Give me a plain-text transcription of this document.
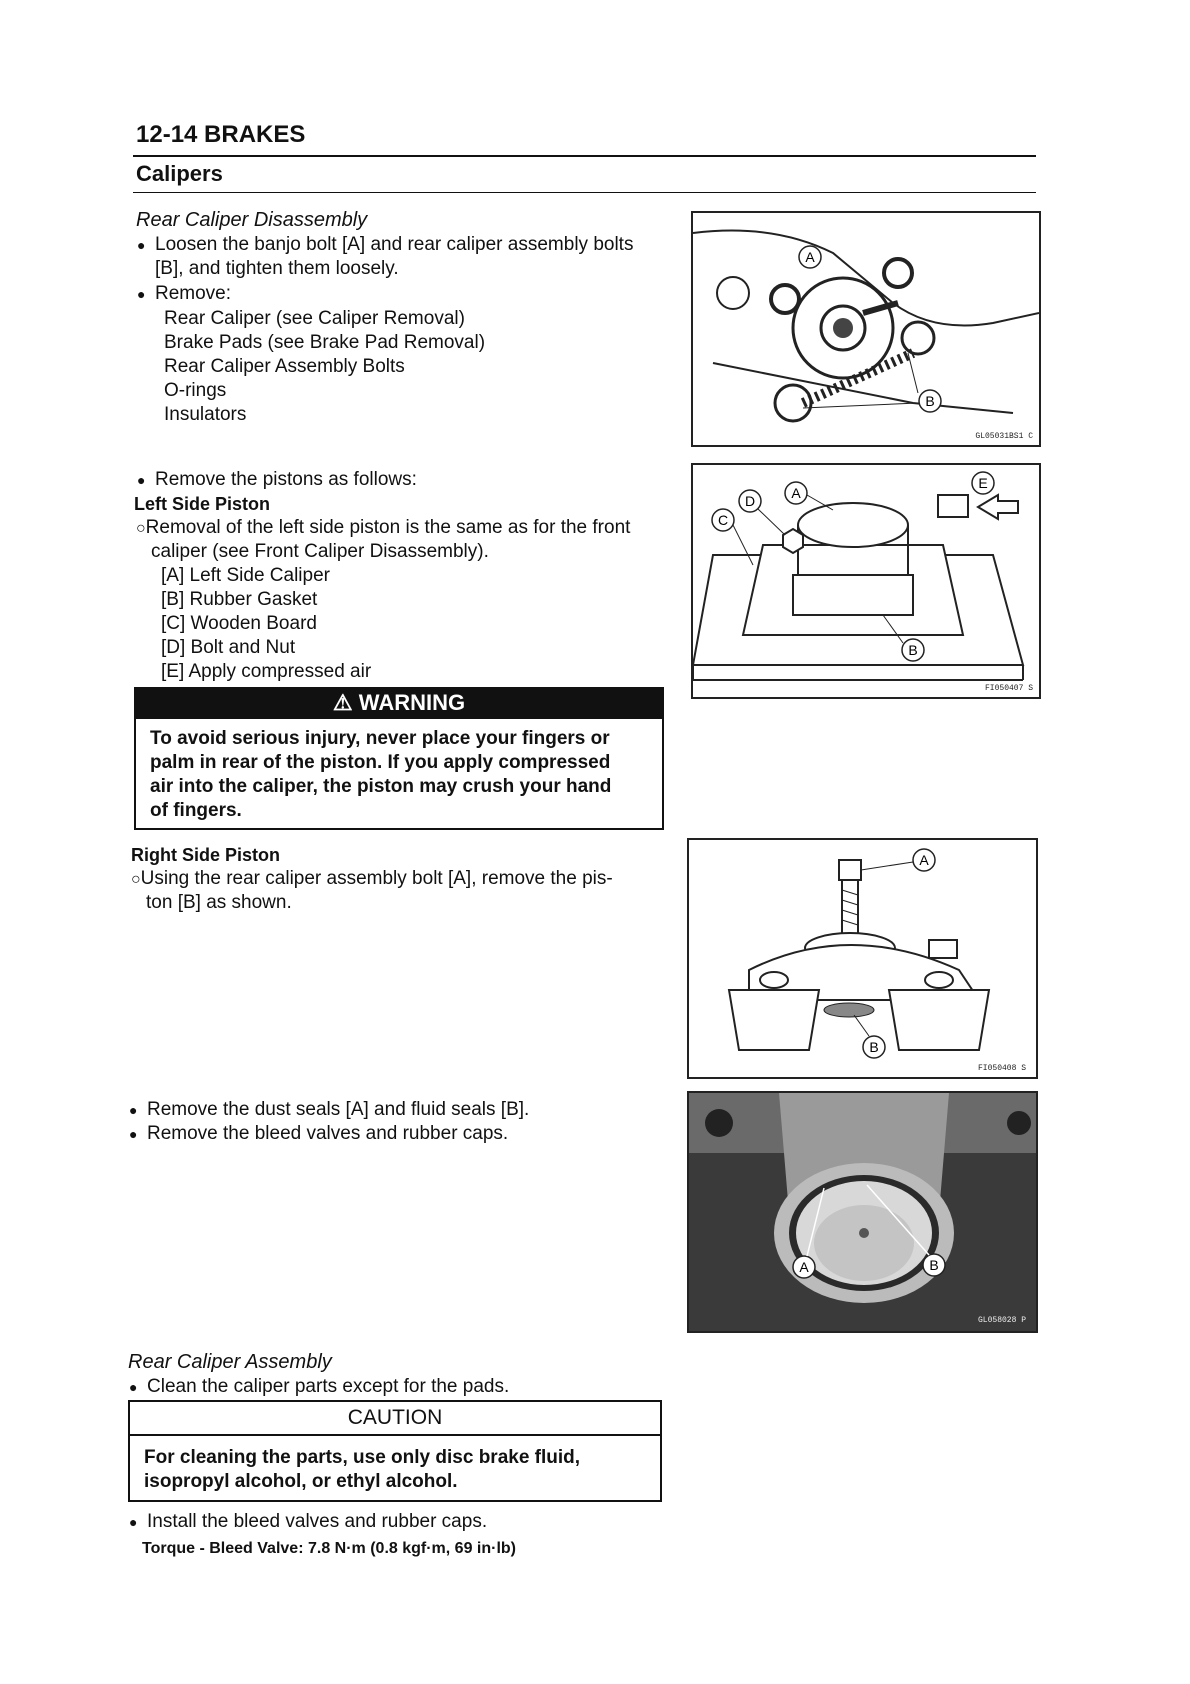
12-14 BRAKES
Calipers
Rear Caliper Disassembly
● Loosen the banjo bolt [A] and rear caliper assembly bolts
[B], and tighten them loosely.
● Remove:
Rear Caliper (see Caliper Removal)
Brake Pads (see Brake Pad Removal)
Rear Caliper Assembly Bolts
O-rings
Insulators
A
B
GL05031BS1 C
● Remove the pistons as follows:
Left Side Piston
○Removal of the left side piston is the same as for the front
caliper (see Front Caliper Disassembly).
[A] Left Side Caliper
[B] Rubber Gasket
[C] Wooden Board
[D] Bolt and Nut
[E] Apply compressed air
D	A
C
E
B
FI050407 S
⚠ WARNING
To avoid serious injury, never place your fingers or
palm in rear of the piston. If you apply compressed
air into the caliper, the piston may crush your hand
of fingers.
Right Side Piston
○Using the rear caliper assembly bolt [A], remove the pis-
ton [B] as shown.
A
B
FI050408 S
● Remove the dust seals [A] and fluid seals [B].
● Remove the bleed valves and rubber caps.
A	B
GL058028 P
Rear Caliper Assembly
● Clean the caliper parts except for the pads.
CAUTION
For cleaning the parts, use only disc brake fluid,
isopropyl alcohol, or ethyl alcohol.
● Install the bleed valves and rubber caps.
Torque - Bleed Valve: 7.8 N·m (0.8 kgf·m, 69 in·lb)
